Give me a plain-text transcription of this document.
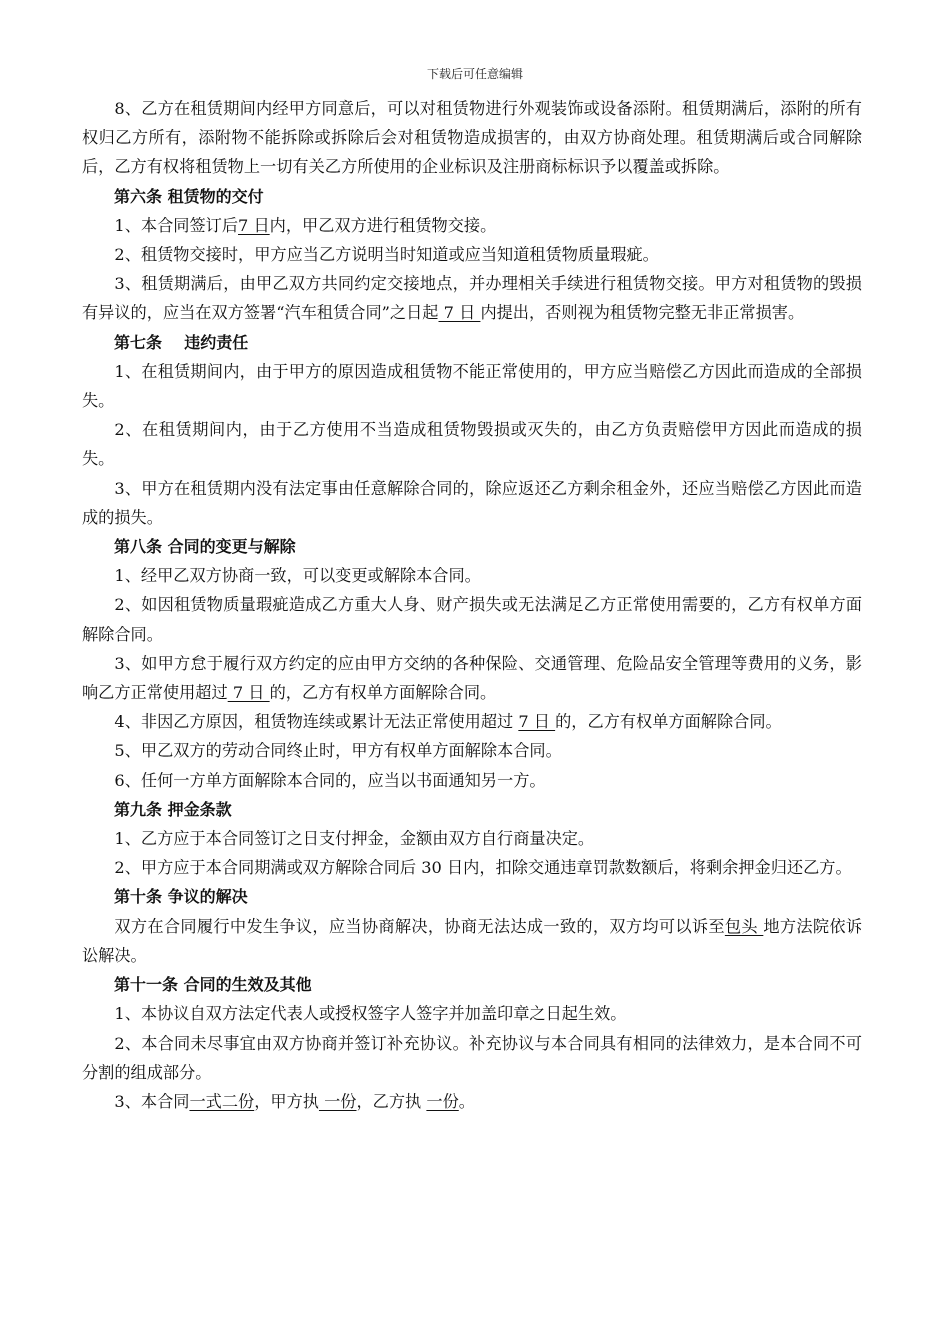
下载后可任意编辑

8、乙方在租赁期间内经甲方同意后，可以对租赁物进行外观装饰或设备添附。租赁期满后，添附的所有权归乙方所有，添附物不能拆除或拆除后会对租赁物造成损害的，由双方协商处理。租赁期满后或合同解除后，乙方有权将租赁物上一切有关乙方所使用的企业标识及注册商标标识予以覆盖或拆除。

第六条 租赁物的交付

1、本合同签订后7 日内，甲乙双方进行租赁物交接。

2、租赁物交接时，甲方应当乙方说明当时知道或应当知道租赁物质量瑕疵。

3、租赁期满后，由甲乙双方共同约定交接地点，并办理相关手续进行租赁物交接。甲方对租赁物的毁损有异议的，应当在双方签署“汽车租赁合同”之日起 7 日 内提出，否则视为租赁物完整无非正常损害。

第七条    违约责任

1、在租赁期间内，由于甲方的原因造成租赁物不能正常使用的，甲方应当赔偿乙方因此而造成的全部损失。

2、在租赁期间内，由于乙方使用不当造成租赁物毁损或灭失的，由乙方负责赔偿甲方因此而造成的损失。

3、甲方在租赁期内没有法定事由任意解除合同的，除应返还乙方剩余租金外，还应当赔偿乙方因此而造成的损失。

第八条 合同的变更与解除

1、经甲乙双方协商一致，可以变更或解除本合同。

2、如因租赁物质量瑕疵造成乙方重大人身、财产损失或无法满足乙方正常使用需要的，乙方有权单方面解除合同。

3、如甲方怠于履行双方约定的应由甲方交纳的各种保险、交通管理、危险品安全管理等费用的义务，影响乙方正常使用超过 7 日 的，乙方有权单方面解除合同。

4、非因乙方原因，租赁物连续或累计无法正常使用超过 7 日 的，乙方有权单方面解除合同。

5、甲乙双方的劳动合同终止时，甲方有权单方面解除本合同。

6、任何一方单方面解除本合同的，应当以书面通知另一方。

第九条 押金条款

1、乙方应于本合同签订之日支付押金，金额由双方自行商量决定。

2、甲方应于本合同期满或双方解除合同后 30 日内，扣除交通违章罚款数额后，将剩余押金归还乙方。

第十条 争议的解决

双方在合同履行中发生争议，应当协商解决，协商无法达成一致的，双方均可以诉至包头 地方法院依诉讼解决。

第十一条 合同的生效及其他

1、本协议自双方法定代表人或授权签字人签字并加盖印章之日起生效。

2、本合同未尽事宜由双方协商并签订补充协议。补充协议与本合同具有相同的法律效力，是本合同不可分割的组成部分。

3、本合同一式二份，甲方执 一份，乙方执 一份。
